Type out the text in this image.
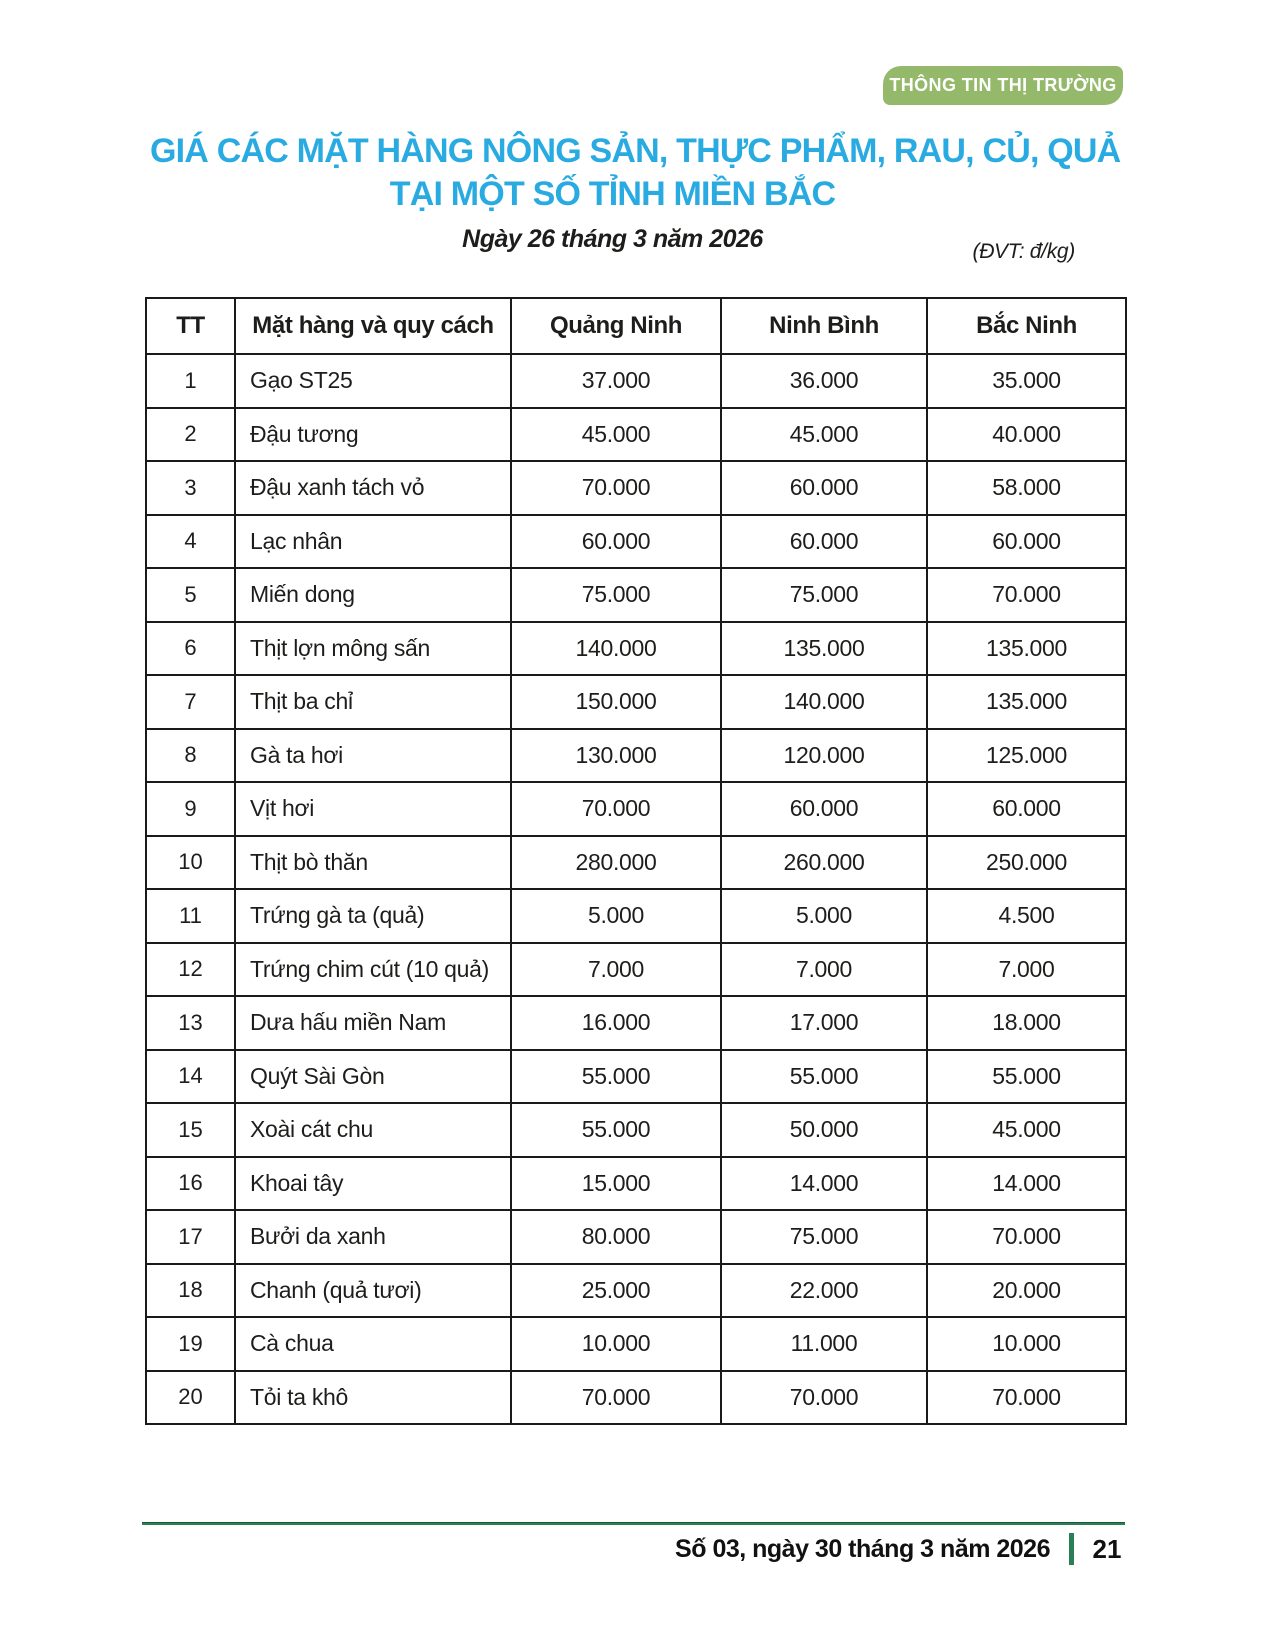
THÔNG TIN THỊ TRƯỜNG
GIÁ CÁC MẶT HÀNG NÔNG SẢN, THỰC PHẨM, RAU, CỦ, QUẢ
TẠI MỘT SỐ TỈNH MIỀN BẮC
Ngày 26 tháng 3 năm 2026	(ĐVT: đ/kg)
TT	Mặt hàng và quy cách	Quảng Ninh	Ninh Bình	Bắc Ninh
1	Gạo ST25	37.000	36.000	35.000
2	Đậu tương	45.000	45.000	40.000
3	Đậu xanh tách vỏ	70.000	60.000	58.000
4	Lạc nhân	60.000	60.000	60.000
5	Miến dong	75.000	75.000	70.000
6	Thịt lợn mông sấn	140.000	135.000	135.000
7	Thịt ba chỉ	150.000	140.000	135.000
8	Gà ta hơi	130.000	120.000	125.000
9	Vịt hơi	70.000	60.000	60.000
10	Thịt bò thăn	280.000	260.000	250.000
11	Trứng gà ta (quả)	5.000	5.000	4.500
12	Trứng chim cút (10 quả)	7.000	7.000	7.000
13	Dưa hấu miền Nam	16.000	17.000	18.000
14	Quýt Sài Gòn	55.000	55.000	55.000
15	Xoài cát chu	55.000	50.000	45.000
16	Khoai tây	15.000	14.000	14.000
17	Bưởi da xanh	80.000	75.000	70.000
18	Chanh (quả tươi)	25.000	22.000	20.000
19	Cà chua	10.000	11.000	10.000
20	Tỏi ta khô	70.000	70.000	70.000
Số 03, ngày 30 tháng 3 năm 2026 21
